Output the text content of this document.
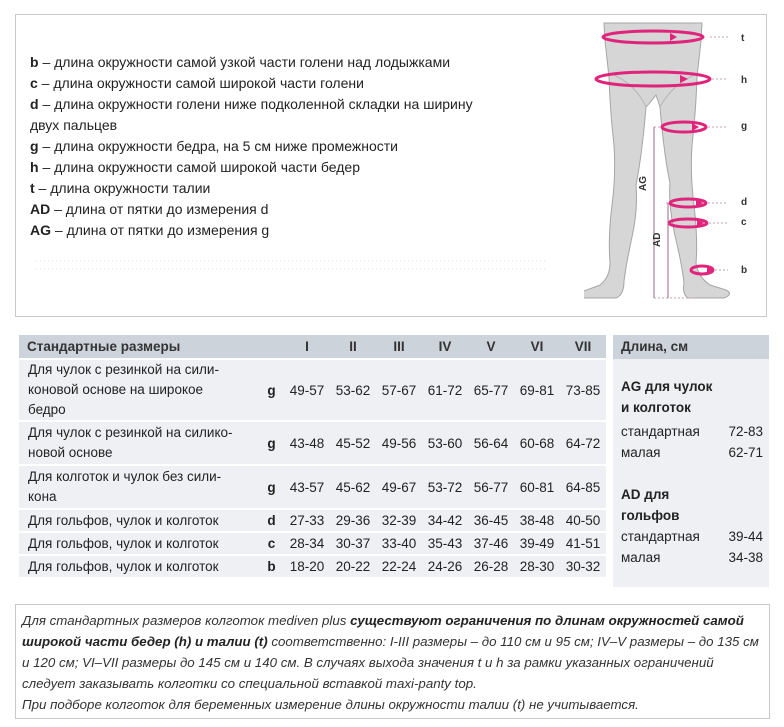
b – длина окружности самой узкой части голени над лодыжками
c – длина окружности самой широкой части голени
d – длина окружности голени ниже подколенной складки на ширину
двух пальцев
g – длина окружности бедра, на 5 см ниже промежности
h – длина окружности самой широкой части бедер
t – длина окружности талии
AD – длина от пятки до измерения d
AG – длина от пятки до измерения g
t
h
g
d
c
b
AG
AD
Стандартные размеры		I	II	III	IV	V	VI	VII

Для чулок с резинкой на сили-
коновой основе на широкое
бедро	g	49-57	53-62	57-67	61-72	65-77	69-81	73-85

Для чулок с резинкой на силико-
новой основе	g	43-48	45-52	49-56	53-60	56-64	60-68	64-72

Для колготок и чулок без сили-
кона	g	43-57	45-62	49-67	53-72	56-77	60-81	64-85

Для гольфов, чулок и колготок	d	27-33	29-36	32-39	34-42	36-45	38-48	40-50

Для гольфов, чулок и колготок	c	28-34	30-37	33-40	35-43	37-46	39-49	41-51

Для гольфов, чулок и колготок	b	18-20	20-22	22-24	24-26	26-28	28-30	30-32
Длина, см
AG для чулок
и колготок
стандартная 72-83
малая	62-71
AD для
гольфов
стандартная 39-44
малая	34-38

Для стандартных размеров колготок mediven plus существуют ограничения по длинам окружностей самой широкой части бедер (h) и талии (t) соответственно: I-III размеры – до 110 см и 95 см; IV–V размеры – до 135 см и 120 см; VI–VII размеры до 145 см и 140 см. В случаях выхода значения t и h за рамки указанных ограничений следует заказывать колготки со специальной вставкой maxi-panty top.

При подборе колготок для беременных измерение длины окружности талии (t) не учитывается.
